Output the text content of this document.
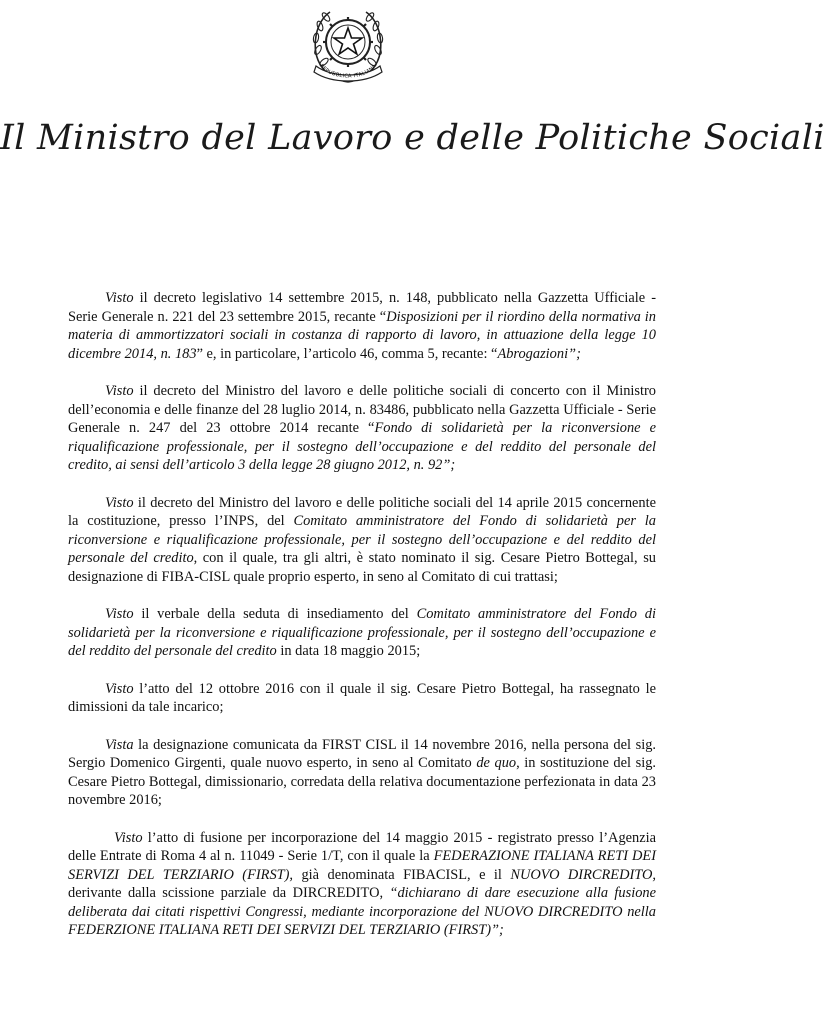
REPUBBLICA ITALIANA
Il Ministro del Lavoro e delle Politiche Sociali

Visto il decreto legislativo 14 settembre 2015, n. 148, pubblicato nella Gazzetta Ufficiale - Serie Generale n. 221 del 23 settembre 2015, recante “Disposizioni per il riordino della normativa in materia di ammortizzatori sociali in costanza di rapporto di lavoro, in attuazione della legge 10 dicembre 2014, n. 183” e, in particolare, l’articolo 46, comma 5, recante: “Abrogazioni”;

Visto il decreto del Ministro del lavoro e delle politiche sociali di concerto con il Ministro dell’economia e delle finanze del 28 luglio 2014, n. 83486, pubblicato nella Gazzetta Ufficiale - Serie Generale n. 247 del 23 ottobre 2014 recante “Fondo di solidarietà per la riconversione e riqualificazione professionale, per il sostegno dell’occupazione e del reddito del personale del credito, ai sensi dell’articolo 3 della legge 28 giugno 2012, n. 92”;

Visto il decreto del Ministro del lavoro e delle politiche sociali del 14 aprile 2015 concernente la costituzione, presso l’INPS, del Comitato amministratore del Fondo di solidarietà per la riconversione e riqualificazione professionale, per il sostegno dell’occupazione e del reddito del personale del credito, con il quale, tra gli altri, è stato nominato il sig. Cesare Pietro Bottegal, su designazione di FIBA-CISL quale proprio esperto, in seno al Comitato di cui trattasi;

Visto il verbale della seduta di insediamento del Comitato amministratore del Fondo di solidarietà per la riconversione e riqualificazione professionale, per il sostegno dell’occupazione e del reddito del personale del credito in data 18 maggio 2015;

Visto l’atto del 12 ottobre 2016 con il quale il sig. Cesare Pietro Bottegal, ha rassegnato le dimissioni da tale incarico;

Vista la designazione comunicata da FIRST CISL il 14 novembre 2016, nella persona del sig. Sergio Domenico Girgenti, quale nuovo esperto, in seno al Comitato de quo, in sostituzione del sig. Cesare Pietro Bottegal, dimissionario, corredata della relativa documentazione perfezionata in data 23 novembre 2016;

Visto l’atto di fusione per incorporazione del 14 maggio 2015 - registrato presso l’Agenzia delle Entrate di Roma 4 al n. 11049 - Serie 1/T, con il quale la FEDERAZIONE ITALIANA RETI DEI SERVIZI DEL TERZIARIO (FIRST), già denominata FIBACISL, e il NUOVO DIRCREDITO, derivante dalla scissione parziale da DIRCREDITO, “dichiarano di dare esecuzione alla fusione deliberata dai citati rispettivi Congressi, mediante incorporazione del NUOVO DIRCREDITO nella FEDERZIONE ITALIANA RETI DEI SERVIZI DEL TERZIARIO (FIRST)”;
